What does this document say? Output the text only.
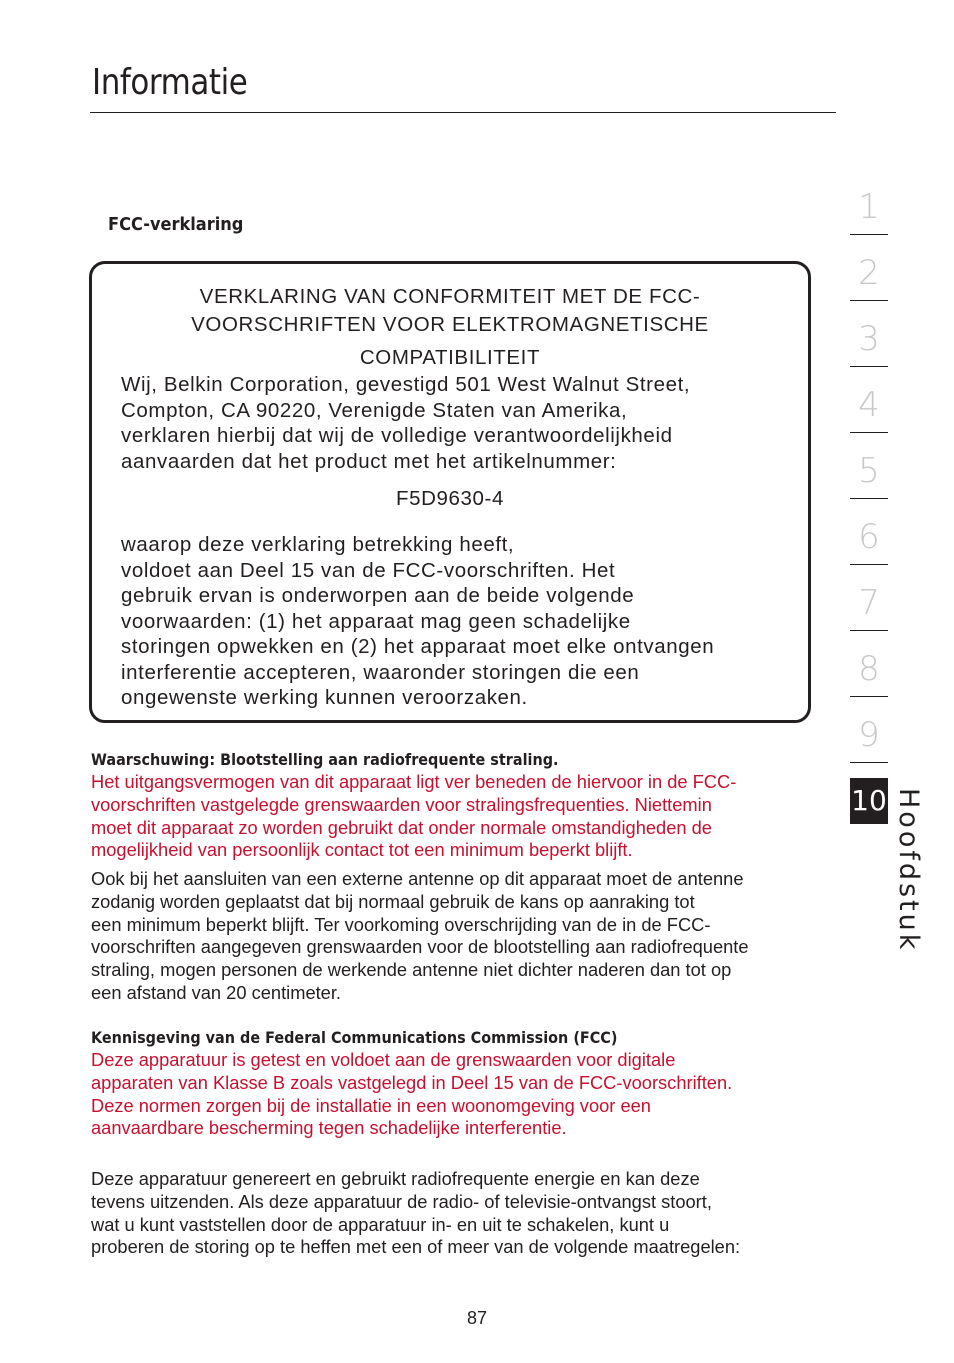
Informatie
1
2
3
4
5
6
7
8
9
10 Hoofdstuk
FCC-verklaring
VERKLARING VAN CONFORMITEIT MET DE FCC-
VOORSCHRIFTEN VOOR ELEKTROMAGNETISCHE
COMPATIBILITEIT
Wij, Belkin Corporation, gevestigd 501 West Walnut Street,
Compton, CA 90220, Verenigde Staten van Amerika,
verklaren hierbij dat wij de volledige verantwoordelijkheid
aanvaarden dat het product met het artikelnummer:
F5D9630-4
waarop deze verklaring betrekking heeft,
voldoet aan Deel 15 van de FCC-voorschriften. Het
gebruik ervan is onderworpen aan de beide volgende
voorwaarden: (1) het apparaat mag geen schadelijke
storingen opwekken en (2) het apparaat moet elke ontvangen
interferentie accepteren, waaronder storingen die een
ongewenste werking kunnen veroorzaken.
Waarschuwing: Blootstelling aan radiofrequente straling.
Het uitgangsvermogen van dit apparaat ligt ver beneden de hiervoor in de FCC-
voorschriften vastgelegde grenswaarden voor stralingsfrequenties. Niettemin
moet dit apparaat zo worden gebruikt dat onder normale omstandigheden de
mogelijkheid van persoonlijk contact tot een minimum beperkt blijft.
Ook bij het aansluiten van een externe antenne op dit apparaat moet de antenne
zodanig worden geplaatst dat bij normaal gebruik de kans op aanraking tot
een minimum beperkt blijft. Ter voorkoming overschrijding van de in de FCC-
voorschriften aangegeven grenswaarden voor de blootstelling aan radiofrequente
straling, mogen personen de werkende antenne niet dichter naderen dan tot op
een afstand van 20 centimeter.
Kennisgeving van de Federal Communications Commission (FCC)
Deze apparatuur is getest en voldoet aan de grenswaarden voor digitale
apparaten van Klasse B zoals vastgelegd in Deel 15 van de FCC-voorschriften.
Deze normen zorgen bij de installatie in een woonomgeving voor een
aanvaardbare bescherming tegen schadelijke interferentie.
Deze apparatuur genereert en gebruikt radiofrequente energie en kan deze
tevens uitzenden. Als deze apparatuur de radio- of televisie-ontvangst stoort,
wat u kunt vaststellen door de apparatuur in- en uit te schakelen, kunt u
proberen de storing op te heffen met een of meer van de volgende maatregelen:
87
